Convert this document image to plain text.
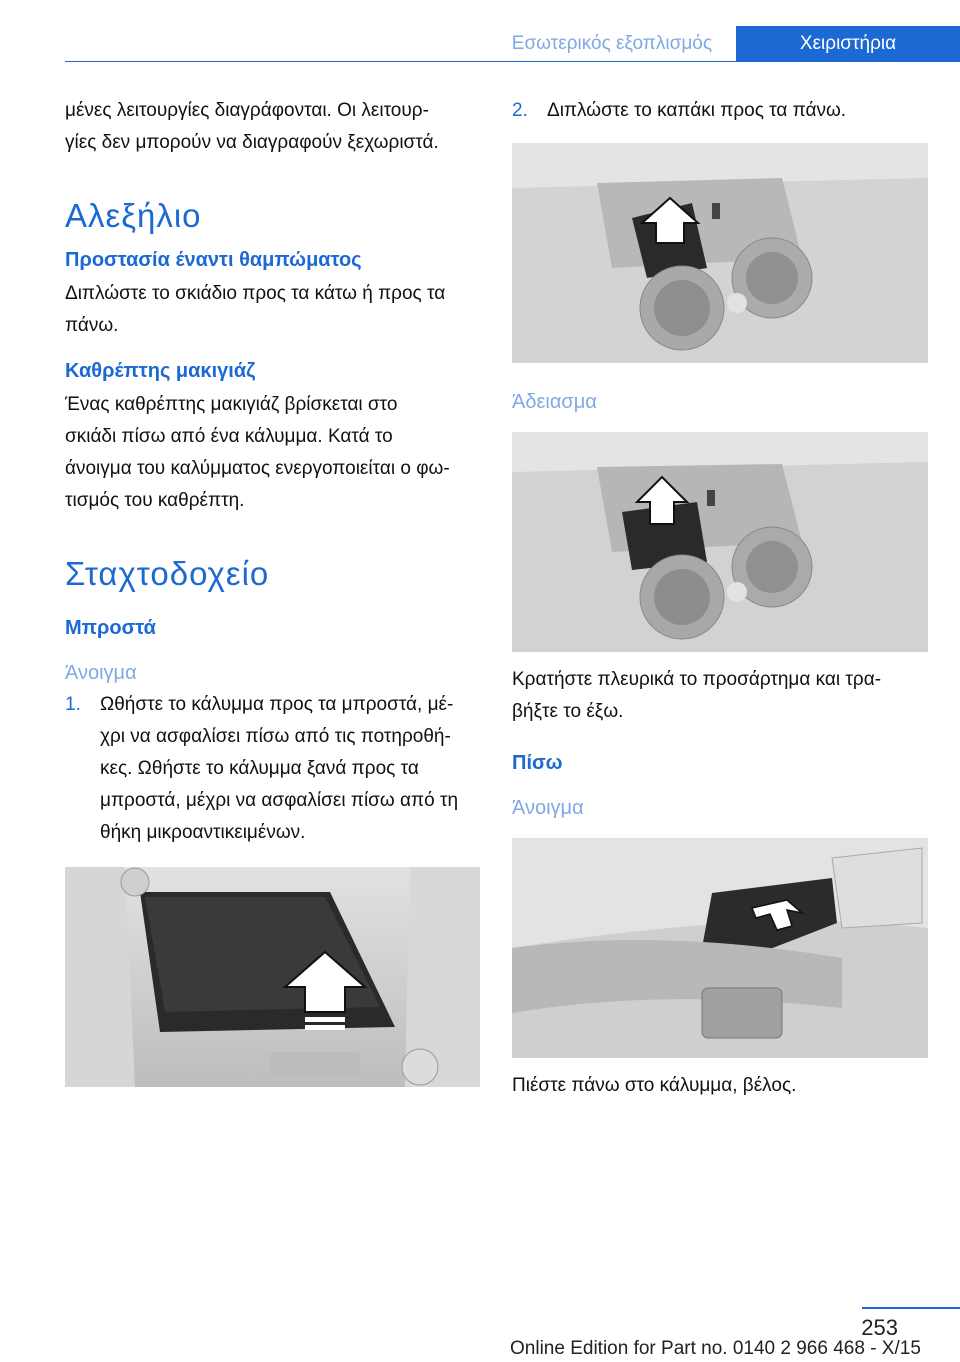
Εσωτερικός εξοπλισμός	Χειριστήρια

μένες λειτουργίες διαγράφονται. Οι λειτουρ-
γίες δεν μπορούν να διαγραφούν ξεχωριστά.

Αλεξήλιο
Προστασία έναντι θαμπώματος

Διπλώστε το σκιάδιο προς τα κάτω ή προς τα
πάνω.

Καθρέπτης μακιγιάζ

Ένας καθρέπτης μακιγιάζ βρίσκεται στο
σκιάδι πίσω από ένα κάλυμμα. Κατά το
άνοιγμα του καλύμματος ενεργοποιείται ο φω-
τισμός του καθρέπτη.

Σταχτοδοχείο
Μπροστά
Άνοιγμα
1. Ωθήστε το κάλυμμα προς τα μπροστά, μέ-
χρι να ασφαλίσει πίσω από τις ποτηροθή-
κες. Ωθήστε το κάλυμμα ξανά προς τα
μπροστά, μέχρι να ασφαλίσει πίσω από τη
θήκη μικροαντικειμένων.
2. Διπλώστε το καπάκι προς τα πάνω.
Άδειασμα

Κρατήστε πλευρικά το προσάρτημα και τρα-
βήξτε το έξω.

Πίσω
Άνοιγμα

Πιέστε πάνω στο κάλυμμα, βέλος.

253
Online Edition for Part no. 0140 2 966 468 - X/15
